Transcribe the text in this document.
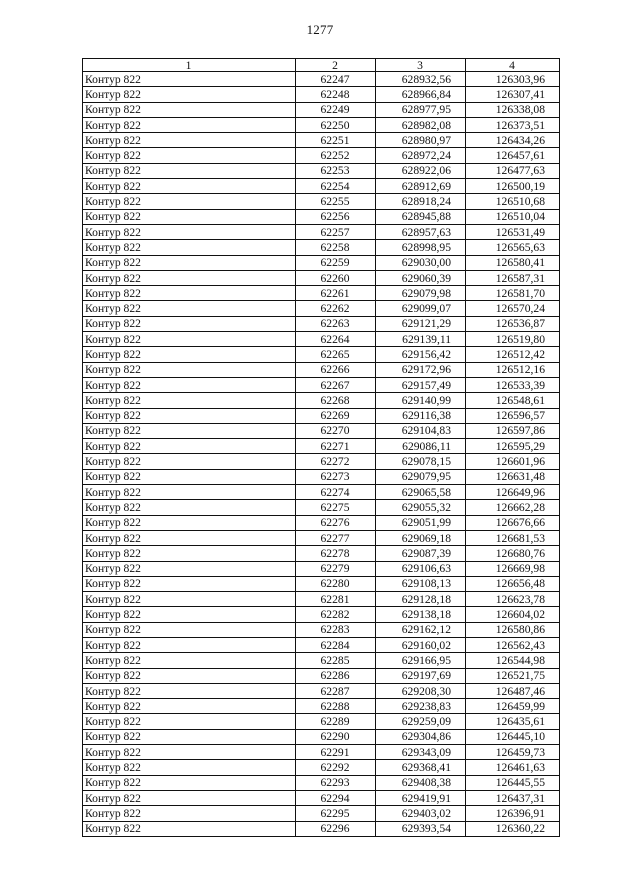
1277
1	2	3	4
Контур 822	62247	628932,56	126303,96
Контур 822	62248	628966,84	126307,41
Контур 822	62249	628977,95	126338,08
Контур 822	62250	628982,08	126373,51
Контур 822	62251	628980,97	126434,26
Контур 822	62252	628972,24	126457,61
Контур 822	62253	628922,06	126477,63
Контур 822	62254	628912,69	126500,19
Контур 822	62255	628918,24	126510,68
Контур 822	62256	628945,88	126510,04
Контур 822	62257	628957,63	126531,49
Контур 822	62258	628998,95	126565,63
Контур 822	62259	629030,00	126580,41
Контур 822	62260	629060,39	126587,31
Контур 822	62261	629079,98	126581,70
Контур 822	62262	629099,07	126570,24
Контур 822	62263	629121,29	126536,87
Контур 822	62264	629139,11	126519,80
Контур 822	62265	629156,42	126512,42
Контур 822	62266	629172,96	126512,16
Контур 822	62267	629157,49	126533,39
Контур 822	62268	629140,99	126548,61
Контур 822	62269	629116,38	126596,57
Контур 822	62270	629104,83	126597,86
Контур 822	62271	629086,11	126595,29
Контур 822	62272	629078,15	126601,96
Контур 822	62273	629079,95	126631,48
Контур 822	62274	629065,58	126649,96
Контур 822	62275	629055,32	126662,28
Контур 822	62276	629051,99	126676,66
Контур 822	62277	629069,18	126681,53
Контур 822	62278	629087,39	126680,76
Контур 822	62279	629106,63	126669,98
Контур 822	62280	629108,13	126656,48
Контур 822	62281	629128,18	126623,78
Контур 822	62282	629138,18	126604,02
Контур 822	62283	629162,12	126580,86
Контур 822	62284	629160,02	126562,43
Контур 822	62285	629166,95	126544,98
Контур 822	62286	629197,69	126521,75
Контур 822	62287	629208,30	126487,46
Контур 822	62288	629238,83	126459,99
Контур 822	62289	629259,09	126435,61
Контур 822	62290	629304,86	126445,10
Контур 822	62291	629343,09	126459,73
Контур 822	62292	629368,41	126461,63
Контур 822	62293	629408,38	126445,55
Контур 822	62294	629419,91	126437,31
Контур 822	62295	629403,02	126396,91
Контур 822	62296	629393,54	126360,22
